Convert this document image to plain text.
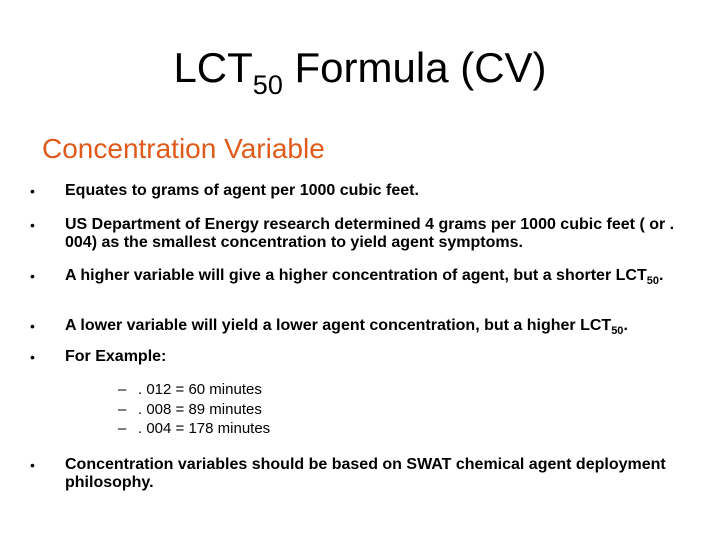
$LCT_{50}$ Formula (CV)
Concentration Variable
• Equates to grams of agent per 1000 cubic feet.
• US Department of Energy research determined 4 grams per 1000 cubic feet ( or . 004) as the smallest concentration to yield agent symptoms.
• A higher variable will give a higher concentration of agent, but a shorter $LCT_{50}$.
• A lower variable will yield a lower agent concentration, but a higher $LCT_{50}$.
• For Example:
• Concentration variables should be based on SWAT chemical agent deployment philosophy.
– . 012 = 60 minutes
– . 008 = 89 minutes
– . 004 = 178 minutes
